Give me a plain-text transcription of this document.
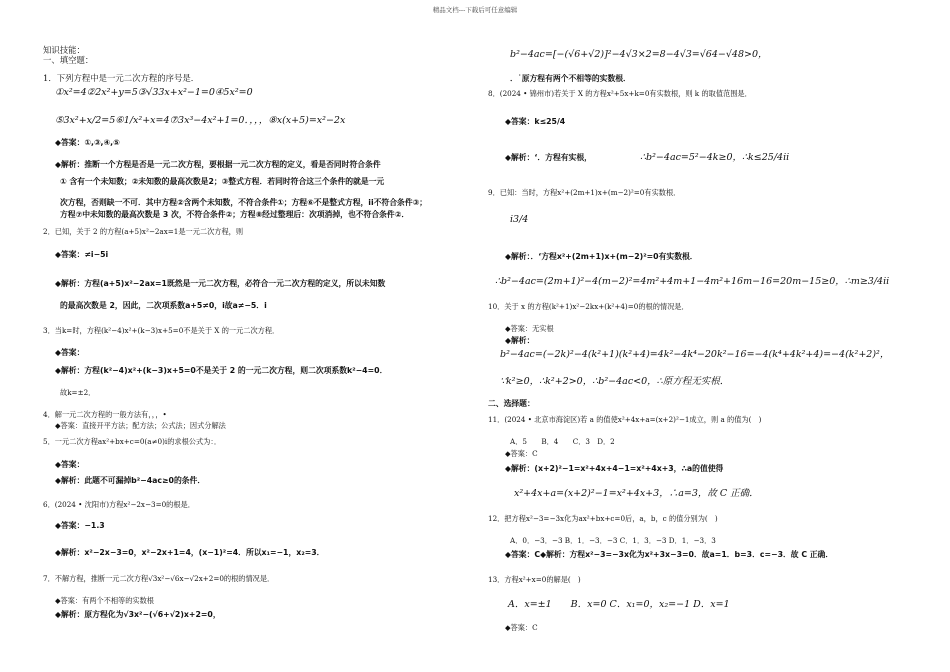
精品文档---下载后可任意编辑
知识技能：
一、填空题：
1．下列方程中是一元二次方程的序号是．
①x²=4②2x²+y=5③√33x+x²−1=0④5x²=0
⑤3x²+x/2=5⑥1/x²+x=4⑦3x³−4x²+1=0．，，，⑧x(x+5)=x²−2x
◆答案：①,③,④,⑤
◆解析：推断一个方程是否是一元二次方程，要根据一元二次方程的定义，看是否同时符合条件
① 含有一个未知数；②未知数的最高次数是2；③整式方程．若同时符合这三个条件的就是一元
次方程，否则缺一不可．其中方程②含两个未知数，不符合条件①；方程⑥不是整式方程，ⅰⅰ不符合条件③；
方程⑦中未知数的最高次数是 3 次，不符合条件②；方程⑧经过整理后：次项消掉，也不符合条件②．
2．已知，关于 2 的方程(a+5)x²−2ax=1是一元二次方程，则
◆答案：≠ⅰ−5ⅰ
◆解析：方程(a+5)x²−2ax=1既然是一元二次方程，必符合一元二次方程的定义，所以未知数
的最高次数是 2，因此，二次项系数a+5≠0，ⅰ故a≠−5．ⅰ
3．当k=时，方程(k²−4)x²+(k−3)x+5=0不是关于 X 的一元二次方程．
◆答案：
◆解析：方程(k²−4)x²+(k−3)x+5=0不是关于 2 的一元二次方程，则二次项系数k²−4=0．
故k=±2．
4．解一元二次方程的一般方法有，，，•
◆答案：直接开平方法；配方法；公式法；因式分解法
5．一元二次方程ax²+bx+c=0(a≠0)ⅰ的求根公式为：．
◆答案：
◆解析：此题不可漏掉b²−4ac≥0的条件．
6．(2024 • 沈阳市)方程x²−2x−3=0的根是．
◆答案：−1.3
◆解析：x²−2x−3=0，x²−2x+1=4，(x−1)²=4．所以x₁=−1，x₂=3．
7．不解方程，推断一元二次方程√3x²−√6x−√2x+2=0的根的情况是．
◆答案：有两个不相等的实数根
◆解析：原方程化为√3x²−(√6+√2)x+2=0，
b²−4ac=[−(√6+√2)]²−4√3×2=8−4√3=√64−√48>0，
．˙原方程有两个不相等的实数根．
8．(2024 • 锦州市)若关于 X 的方程x²+5x+k=0有实数根，则 k 的取值范围是．
◆答案：k≤25/4
◆解析：‘．方程有实根，	∴b²−4ac=5²−4k≥0，∴k≤25/4ⅰⅰ
9．已知：当时，方程x²+(2m+1)x+(m−2)²=0有实数根．
ⅰ3/4
◆解析：．‘方程x²+(2m+1)x+(m−2)²=0有实数根．
∴b²−4ac=(2m+1)²−4(m−2)²=4m²+4m+1−4m²+16m−16=20m−15≥0，∴m≥3/4ⅰⅰ
10．关于 x 的方程(k²+1)x²−2kx+(k²+4)=0的根的情况是．
◆答案：无实根
◆解析：
b²−4ac=(−2k)²−4(k²+1)(k²+4)=4k²−4k⁴−20k²−16=−4(k⁴+4k²+4)=−4(k²+2)²，
∵k²≥0，∴k²+2>0，∴b²−4ac<0，∴原方程无实根．
二、选择题：
11．(2024 • 北京市海淀区)若 a 的值使x²+4x+a=(x+2)²−1成立，则 a 的值为(　)
A．5　　B．4　　C．3　D．2
◆答案：C
◆解析：(x+2)²−1=x²+4x+4−1=x²+4x+3，∴a的值使得
x²+4x+a=(x+2)²−1=x²+4x+3，∴a=3，故 C 正确．
12．把方程x²−3=−3x化为ax²+bx+c=0后，a，b，c 的值分别为(　)
A．0．−3．−3 B．1．−3．−3 C．1．3．−3 D．1．−3．3
◆答案：C◆解析：方程x²−3=−3x化为x²+3x−3=0．故a=1．b=3．c=−3．故 C 正确．
13．方程x²+x=0的解是(　)
A．x=±1　　B．x=0 C．x₁=0，x₂=−1 D．x=1
◆答案：C
